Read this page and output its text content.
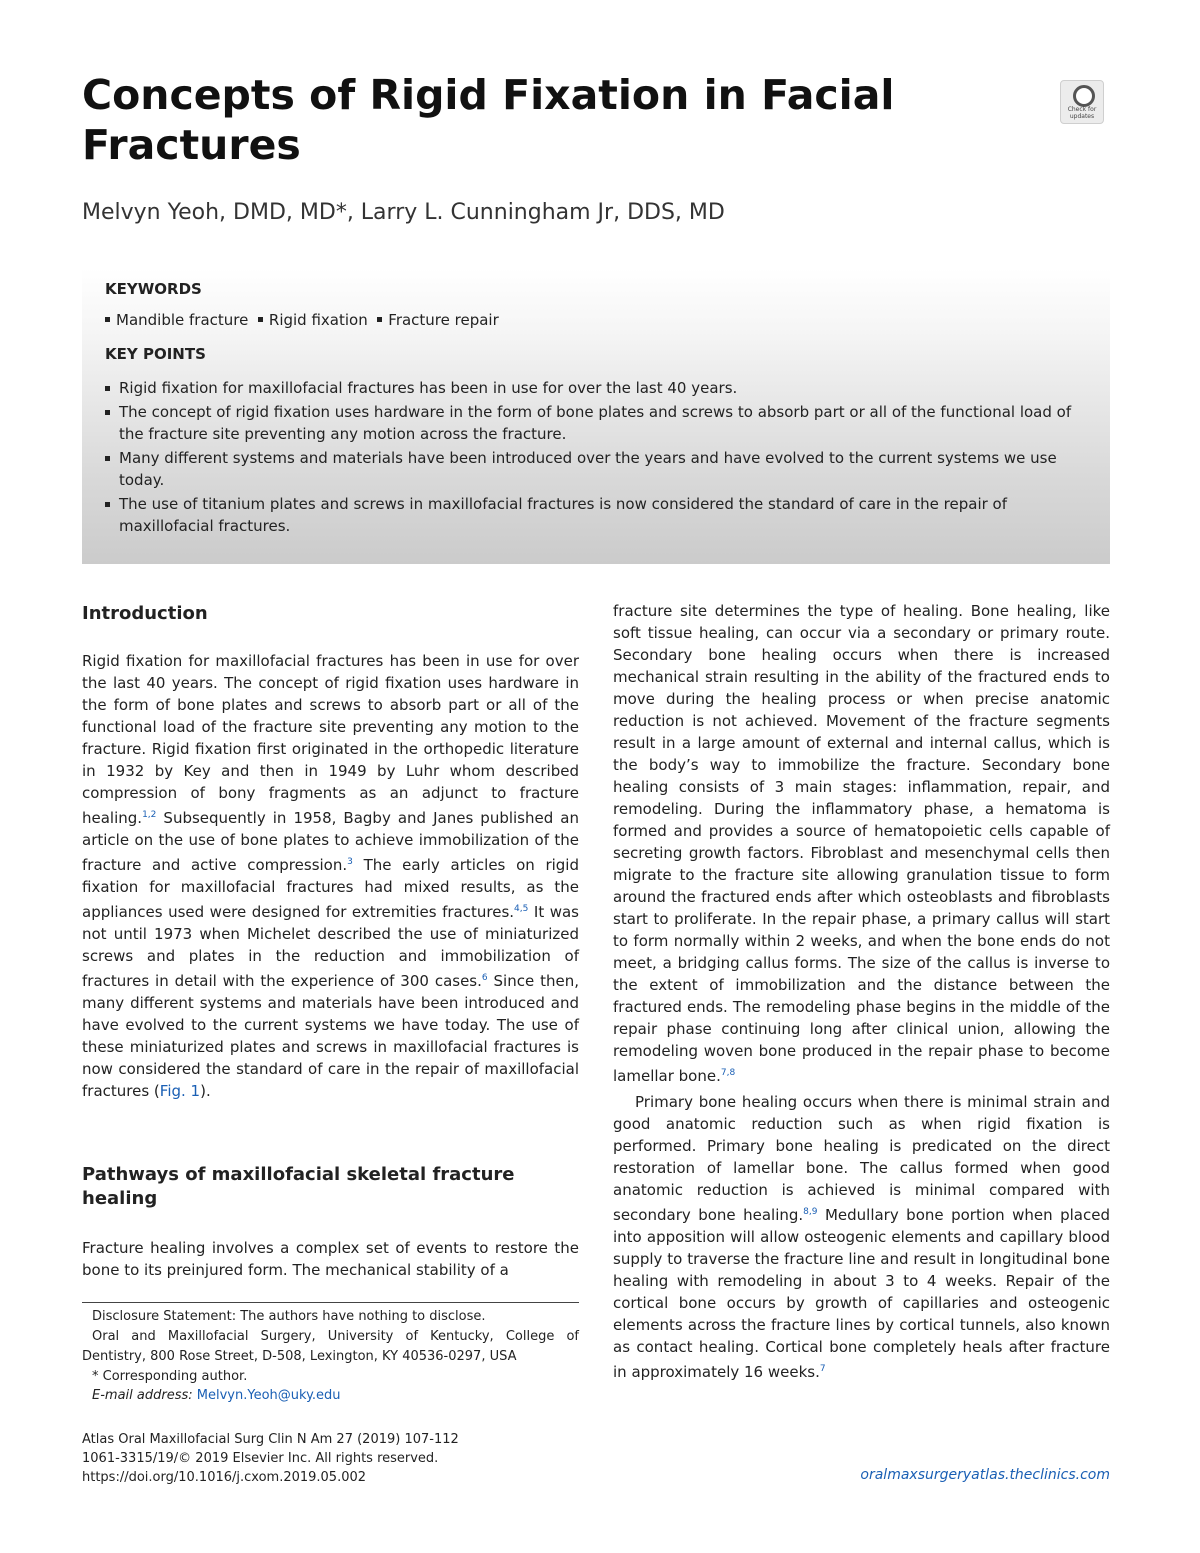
Concepts of Rigid Fixation in Facial Fractures
Check for updates
Melvyn Yeoh, DMD, MD*, Larry L. Cunningham Jr, DDS, MD
KEYWORDS
Mandible fracture Rigid fixation Fracture repair
KEY POINTS
Rigid fixation for maxillofacial fractures has been in use for over the last 40 years.
The concept of rigid fixation uses hardware in the form of bone plates and screws to absorb part or all of the functional load of the fracture site preventing any motion across the fracture.
Many different systems and materials have been introduced over the years and have evolved to the current systems we use today.
The use of titanium plates and screws in maxillofacial fractures is now considered the standard of care in the repair of maxillofacial fractures.
Introduction

Rigid fixation for maxillofacial fractures has been in use for over the last 40 years. The concept of rigid fixation uses hardware in the form of bone plates and screws to absorb part or all of the functional load of the fracture site preventing any motion to the fracture. Rigid fixation first originated in the orthopedic literature in 1932 by Key and then in 1949 by Luhr whom described compression of bony fragments as an adjunct to fracture healing.$^{1,2}$ Subsequently in 1958, Bagby and Janes published an article on the use of bone plates to achieve immobilization of the fracture and active compression.$^3$ The early articles on rigid fixation for maxillofacial fractures had mixed results, as the appliances used were designed for extremities fractures.$^{4,5}$ It was not until 1973 when Michelet described the use of miniaturized screws and plates in the reduction and immobilization of fractures in detail with the experience of 300 cases.$^6$ Since then, many different systems and materials have been introduced and have evolved to the current systems we have today. The use of these miniaturized plates and screws in maxillofacial fractures is now considered the standard of care in the repair of maxillofacial fractures (Fig. 1).

Pathways of maxillofacial skeletal fracture healing

Fracture healing involves a complex set of events to restore the bone to its preinjured form. The mechanical stability of a

Disclosure Statement: The authors have nothing to disclose.
Oral and Maxillofacial Surgery, University of Kentucky, College of Dentistry, 800 Rose Street, D-508, Lexington, KY 40536-0297, USA
* Corresponding author.
E-mail address: Melvyn.Yeoh@uky.edu
Atlas Oral Maxillofacial Surg Clin N Am 27 (2019) 107-112
1061-3315/19/© 2019 Elsevier Inc. All rights reserved.
https://doi.org/10.1016/j.cxom.2019.05.002	oralmaxsurgeryatlas.theclinics.com

fracture site determines the type of healing. Bone healing, like soft tissue healing, can occur via a secondary or primary route. Secondary bone healing occurs when there is increased mechanical strain resulting in the ability of the fractured ends to move during the healing process or when precise anatomic reduction is not achieved. Movement of the fracture segments result in a large amount of external and internal callus, which is the body’s way to immobilize the fracture. Secondary bone healing consists of 3 main stages: inflammation, repair, and remodeling. During the inflammatory phase, a hematoma is formed and provides a source of hematopoietic cells capable of secreting growth factors. Fibroblast and mesenchymal cells then migrate to the fracture site allowing granulation tissue to form around the fractured ends after which osteoblasts and fibroblasts start to proliferate. In the repair phase, a primary callus will start to form normally within 2 weeks, and when the bone ends do not meet, a bridging callus forms. The size of the callus is inverse to the extent of immobilization and the distance between the fractured ends. The remodeling phase begins in the middle of the repair phase continuing long after clinical union, allowing the remodeling woven bone produced in the repair phase to become lamellar bone.$^{7,8}$

Primary bone healing occurs when there is minimal strain and good anatomic reduction such as when rigid fixation is performed. Primary bone healing is predicated on the direct restoration of lamellar bone. The callus formed when good anatomic reduction is achieved is minimal compared with secondary bone healing.$^{8,9}$ Medullary bone portion when placed into apposition will allow osteogenic elements and capillary blood supply to traverse the fracture line and result in longitudinal bone healing with remodeling in about 3 to 4 weeks. Repair of the cortical bone occurs by growth of capillaries and osteogenic elements across the fracture lines by cortical tunnels, also known as contact healing. Cortical bone completely heals after fracture in approximately 16 weeks.$^7$
